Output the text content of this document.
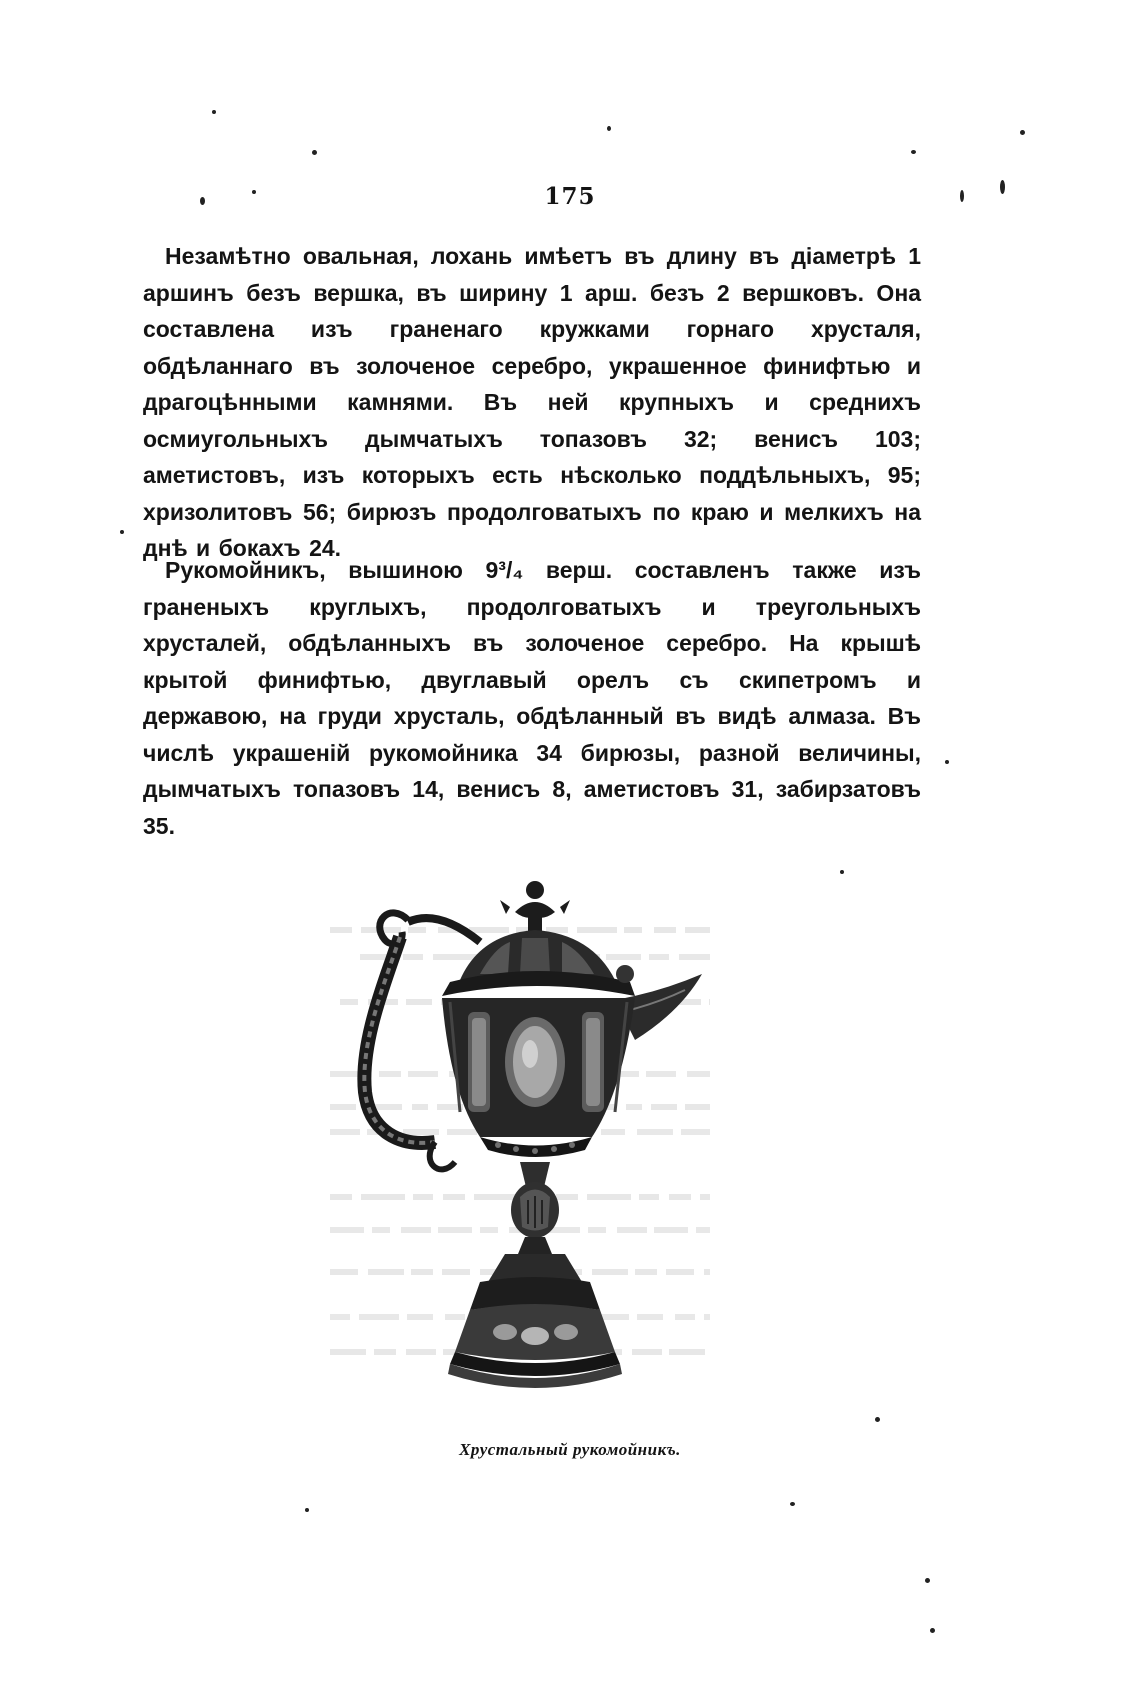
175

Незамѣтно овальная, лохань имѣетъ въ длину въ діаметрѣ 1 аршинъ безъ вершка, въ ширину 1 арш. безъ 2 вершковъ. Она составлена изъ граненаго кружками горнаго хрусталя, обдѣланнаго въ золоченое серебро, украшенное финифтью и драгоцѣнными камнями. Въ ней крупныхъ и среднихъ осмиугольныхъ дымчатыхъ топазовъ 32; венисъ 103; аметистовъ, изъ которыхъ есть нѣсколько поддѣльныхъ, 95; хризолитовъ 56; бирюзъ продолговатыхъ по краю и мелкихъ на днѣ и бокахъ 24.

Рукомойникъ, вышиною 9³/₄ верш. составленъ также изъ граненыхъ круглыхъ, продолговатыхъ и треугольныхъ хрусталей, обдѣланныхъ въ золоченое серебро. На крышѣ крытой финифтью, двуглавый орелъ съ скипетромъ и державою, на груди хрусталь, обдѣланный въ видѣ алмаза. Въ числѣ украшеній рукомойника 34 бирюзы, разной величины, дымчатыхъ топазовъ 14, венисъ 8, аметистовъ 31, забирзатовъ 35.

Хрустальный рукомойникъ.
